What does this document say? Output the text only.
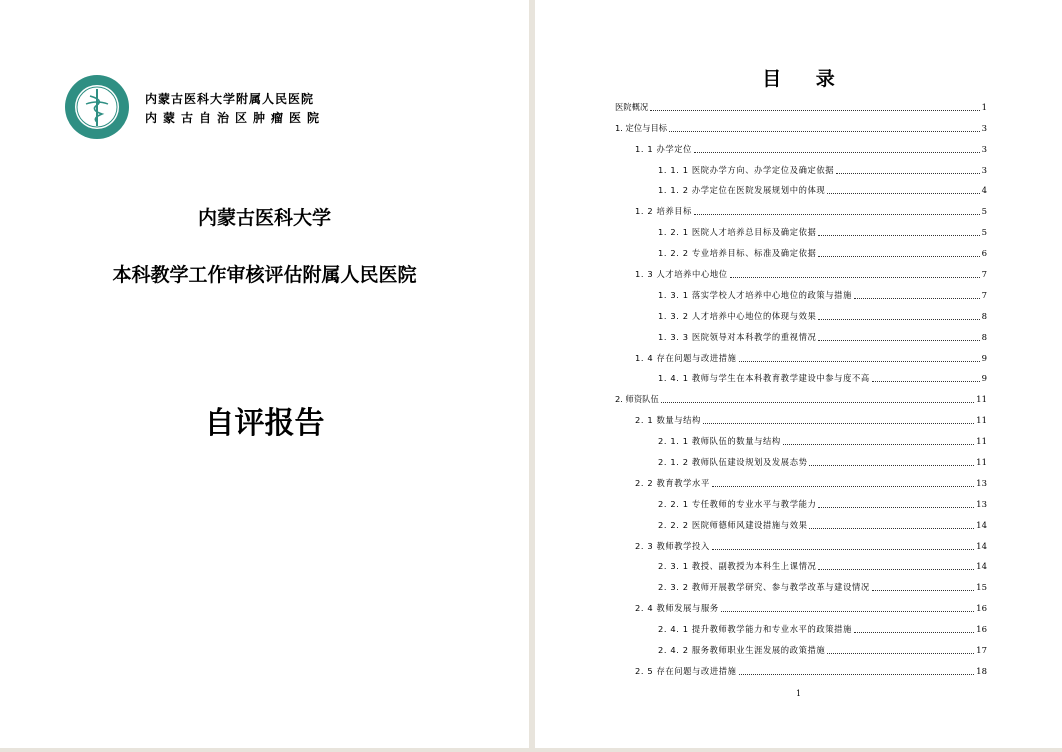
内蒙古医科大学附属人民医院
内蒙古自治区肿瘤医院
内蒙古医科大学
本科教学工作审核评估附属人民医院
自评报告
目 录
医院概况	1
1. 定位与目标	3
1. 1 办学定位	3
1. 1. 1 医院办学方向、办学定位及确定依据	3
1. 1. 2 办学定位在医院发展规划中的体现	4
1. 2 培养目标	5
1. 2. 1 医院人才培养总目标及确定依据	5
1. 2. 2 专业培养目标、标准及确定依据	6
1. 3 人才培养中心地位	7
1. 3. 1 落实学校人才培养中心地位的政策与措施	7
1. 3. 2 人才培养中心地位的体现与效果	8
1. 3. 3 医院领导对本科教学的重视情况	8
1. 4 存在问题与改进措施	9
1. 4. 1 教师与学生在本科教育教学建设中参与度不高	9
2. 师资队伍	11
2. 1 数量与结构	11
2. 1. 1 教师队伍的数量与结构	11
2. 1. 2 教师队伍建设规划及发展态势	11
2. 2 教育教学水平	13
2. 2. 1 专任教师的专业水平与教学能力	13
2. 2. 2 医院师德师风建设措施与效果	14
2. 3 教师教学投入	14
2. 3. 1 教授、副教授为本科生上课情况	14
2. 3. 2 教师开展教学研究、参与教学改革与建设情况	15
2. 4 教师发展与服务	16
2. 4. 1 提升教师教学能力和专业水平的政策措施	16
2. 4. 2 服务教师职业生涯发展的政策措施	17
2. 5 存在问题与改进措施	18
1
